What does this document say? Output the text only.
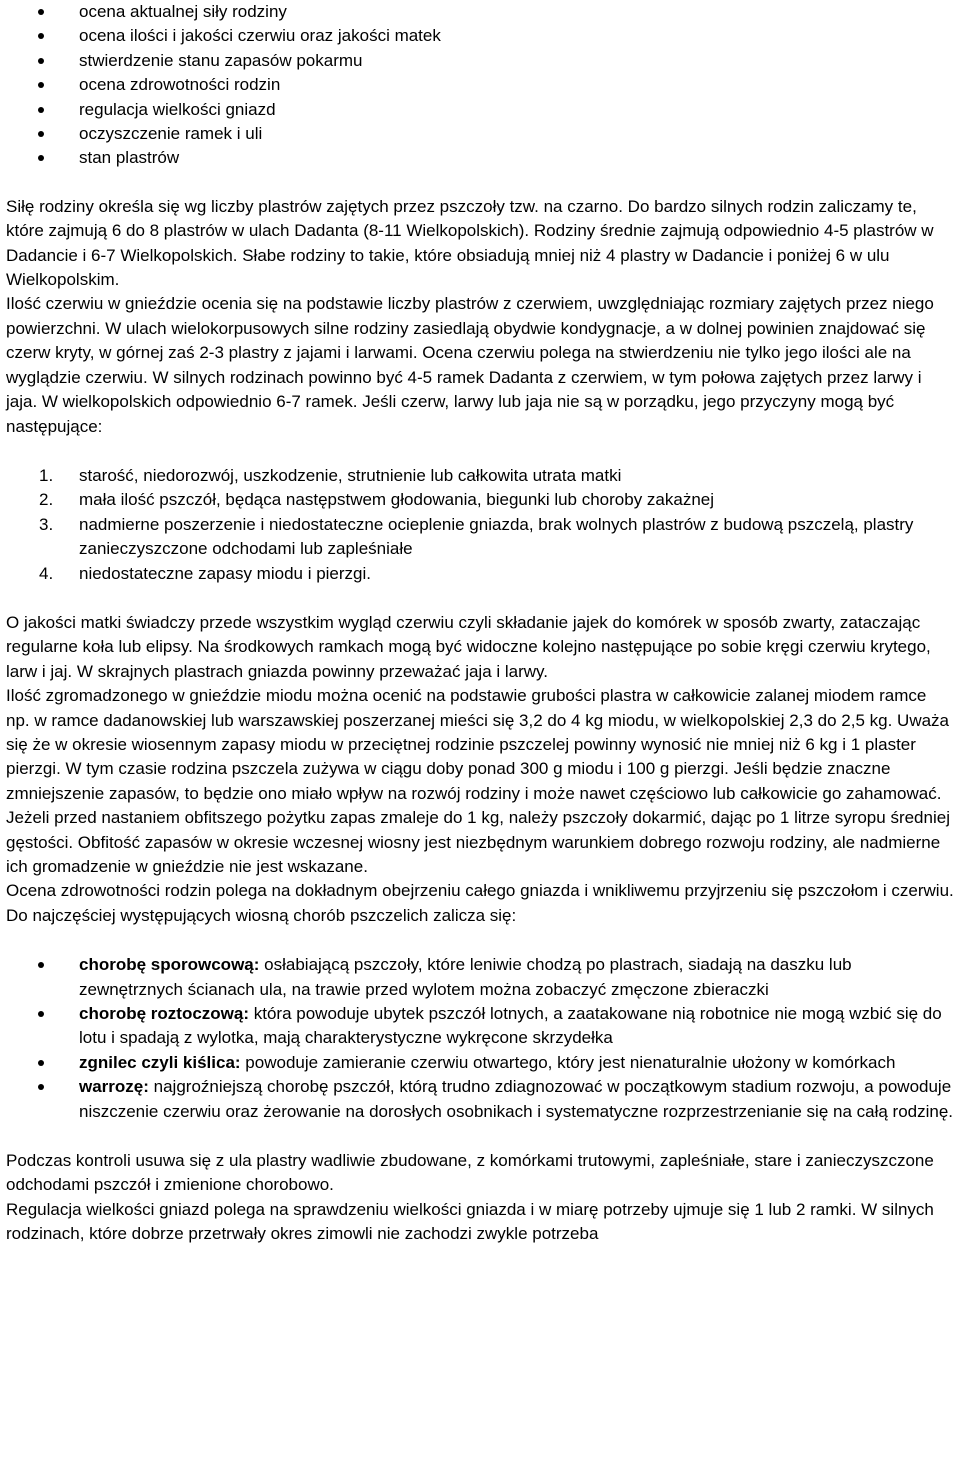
ocena aktualnej siły rodziny
ocena ilości i jakości czerwiu oraz jakości matek
stwierdzenie stanu zapasów pokarmu
ocena zdrowotności rodzin
regulacja wielkości gniazd
oczyszczenie ramek i uli
stan plastrów

Siłę rodziny określa się wg liczby plastrów zajętych przez pszczoły tzw. na czarno. Do bardzo silnych rodzin zaliczamy te, które zajmują 6 do 8 plastrów w ulach Dadanta (8-11 Wielkopolskich). Rodziny średnie zajmują odpowiednio 4-5 plastrów w Dadancie i 6-7 Wielkopolskich. Słabe rodziny to takie, które obsiadują mniej niż 4 plastry w Dadancie i poniżej 6 w ulu Wielkopolskim.

Ilość czerwiu w gnieździe ocenia się na podstawie liczby plastrów z czerwiem, uwzględniając rozmiary zajętych przez niego powierzchni. W ulach wielokorpusowych silne rodziny zasiedlają obydwie kondygnacje, a w dolnej powinien znajdować się czerw kryty, w górnej zaś 2-3 plastry z jajami i larwami. Ocena czerwiu polega na stwierdzeniu nie tylko jego ilości ale na wyglądzie czerwiu. W silnych rodzinach powinno być 4-5 ramek Dadanta z czerwiem, w tym połowa zajętych przez larwy i jaja. W wielkopolskich odpowiednio 6-7 ramek. Jeśli czerw, larwy lub jaja nie są w porządku, jego przyczyny mogą być następujące:

1. starość, niedorozwój, uszkodzenie, strutnienie lub całkowita utrata matki
2. mała ilość pszczół, będąca następstwem głodowania, biegunki lub choroby zakażnej
3. nadmierne poszerzenie i niedostateczne ocieplenie gniazda, brak wolnych plastrów z budową pszczelą, plastry zanieczyszczone odchodami lub zapleśniałe
4. niedostateczne zapasy miodu i pierzgi.

O jakości matki świadczy przede wszystkim wygląd czerwiu czyli składanie jajek do komórek w sposób zwarty, zataczając regularne koła lub elipsy. Na środkowych ramkach mogą być widoczne kolejno następujące po sobie kręgi czerwiu krytego, larw i jaj. W skrajnych plastrach gniazda powinny przeważać jaja i larwy.

Ilość zgromadzonego w gnieździe miodu można ocenić na podstawie grubości plastra w całkowicie zalanej miodem ramce np. w ramce dadanowskiej lub warszawskiej poszerzanej mieści się 3,2 do 4 kg miodu, w wielkopolskiej 2,3 do 2,5 kg. Uważa się że w okresie wiosennym zapasy miodu w przeciętnej rodzinie pszczelej powinny wynosić nie mniej niż 6 kg i 1 plaster pierzgi. W tym czasie rodzina pszczela zużywa w ciągu doby ponad 300 g miodu i 100 g pierzgi. Jeśli będzie znaczne zmniejszenie zapasów, to będzie ono miało wpływ na rozwój rodziny i może nawet częściowo lub całkowicie go zahamować. Jeżeli przed nastaniem obfitszego pożytku zapas zmaleje do 1 kg, należy pszczoły dokarmić, dając po 1 litrze syropu średniej gęstości. Obfitość zapasów w okresie wczesnej wiosny jest niezbędnym warunkiem dobrego rozwoju rodziny, ale nadmierne ich gromadzenie w gnieździe nie jest wskazane.

Ocena zdrowotności rodzin polega na dokładnym obejrzeniu całego gniazda i wnikliwemu przyjrzeniu się pszczołom i czerwiu. Do najczęściej występujących wiosną chorób pszczelich zalicza się:

chorobę sporowcową: osłabiającą pszczoły, które leniwie chodzą po plastrach, siadają na daszku lub zewnętrznych ścianach ula, na trawie przed wylotem można zobaczyć zmęczone zbieraczki
chorobę roztoczową: która powoduje ubytek pszczół lotnych, a zaatakowane nią robotnice nie mogą wzbić się do lotu i spadają z wylotka, mają charakterystyczne wykręcone skrzydełka
zgnilec czyli kiślica: powoduje zamieranie czerwiu otwartego, który jest nienaturalnie ułożony w komórkach
warrozę: najgroźniejszą chorobę pszczół, którą trudno zdiagnozować w początkowym stadium rozwoju, a powoduje niszczenie czerwiu oraz żerowanie na dorosłych osobnikach i systematyczne rozprzestrzenianie się na całą rodzinę.

Podczas kontroli usuwa się z ula plastry wadliwie zbudowane, z komórkami trutowymi, zapleśniałe, stare i zanieczyszczone odchodami pszczół i zmienione chorobowo.

Regulacja wielkości gniazd polega na sprawdzeniu wielkości gniazda i w miarę potrzeby ujmuje się 1 lub 2 ramki. W silnych rodzinach, które dobrze przetrwały okres zimowli nie zachodzi zwykle potrzeba
